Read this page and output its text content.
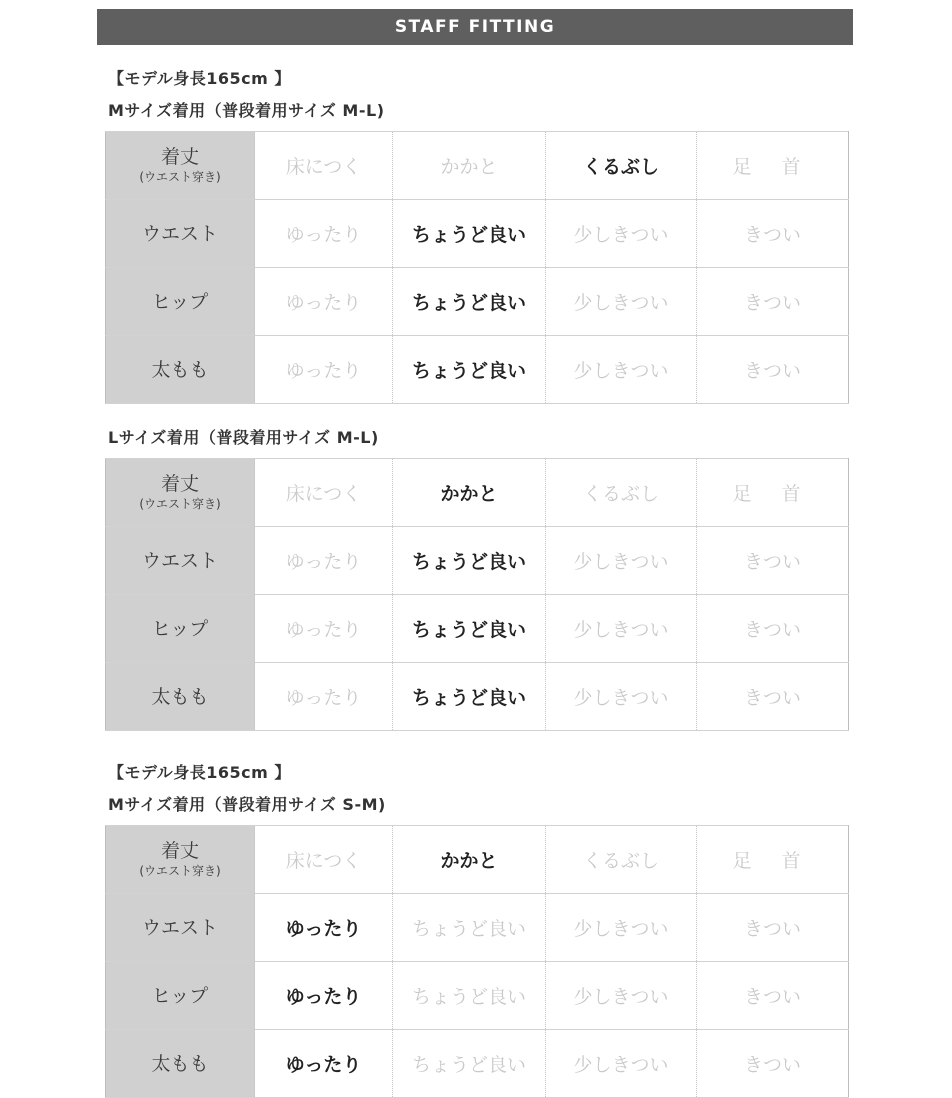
STAFF FITTING
【モデル身長165cm 】
Mサイズ着用（普段着用サイズ M-L)
着丈
(ウエスト穿き)	床につく	かかと	くるぶし	足 首

ウエスト	ゆったり	ちょうど良い	少しきつい	きつい

ヒップ	ゆったり	ちょうど良い	少しきつい	きつい

太もも	ゆったり	ちょうど良い	少しきつい	きつい
Lサイズ着用（普段着用サイズ M-L)
着丈
(ウエスト穿き)	床につく	かかと	くるぶし	足 首

ウエスト	ゆったり	ちょうど良い	少しきつい	きつい

ヒップ	ゆったり	ちょうど良い	少しきつい	きつい

太もも	ゆったり	ちょうど良い	少しきつい	きつい
【モデル身長165cm 】
Mサイズ着用（普段着用サイズ S-M)
着丈
(ウエスト穿き)	床につく	かかと	くるぶし	足 首

ウエスト	ゆったり	ちょうど良い	少しきつい	きつい

ヒップ	ゆったり	ちょうど良い	少しきつい	きつい

太もも	ゆったり	ちょうど良い	少しきつい	きつい
